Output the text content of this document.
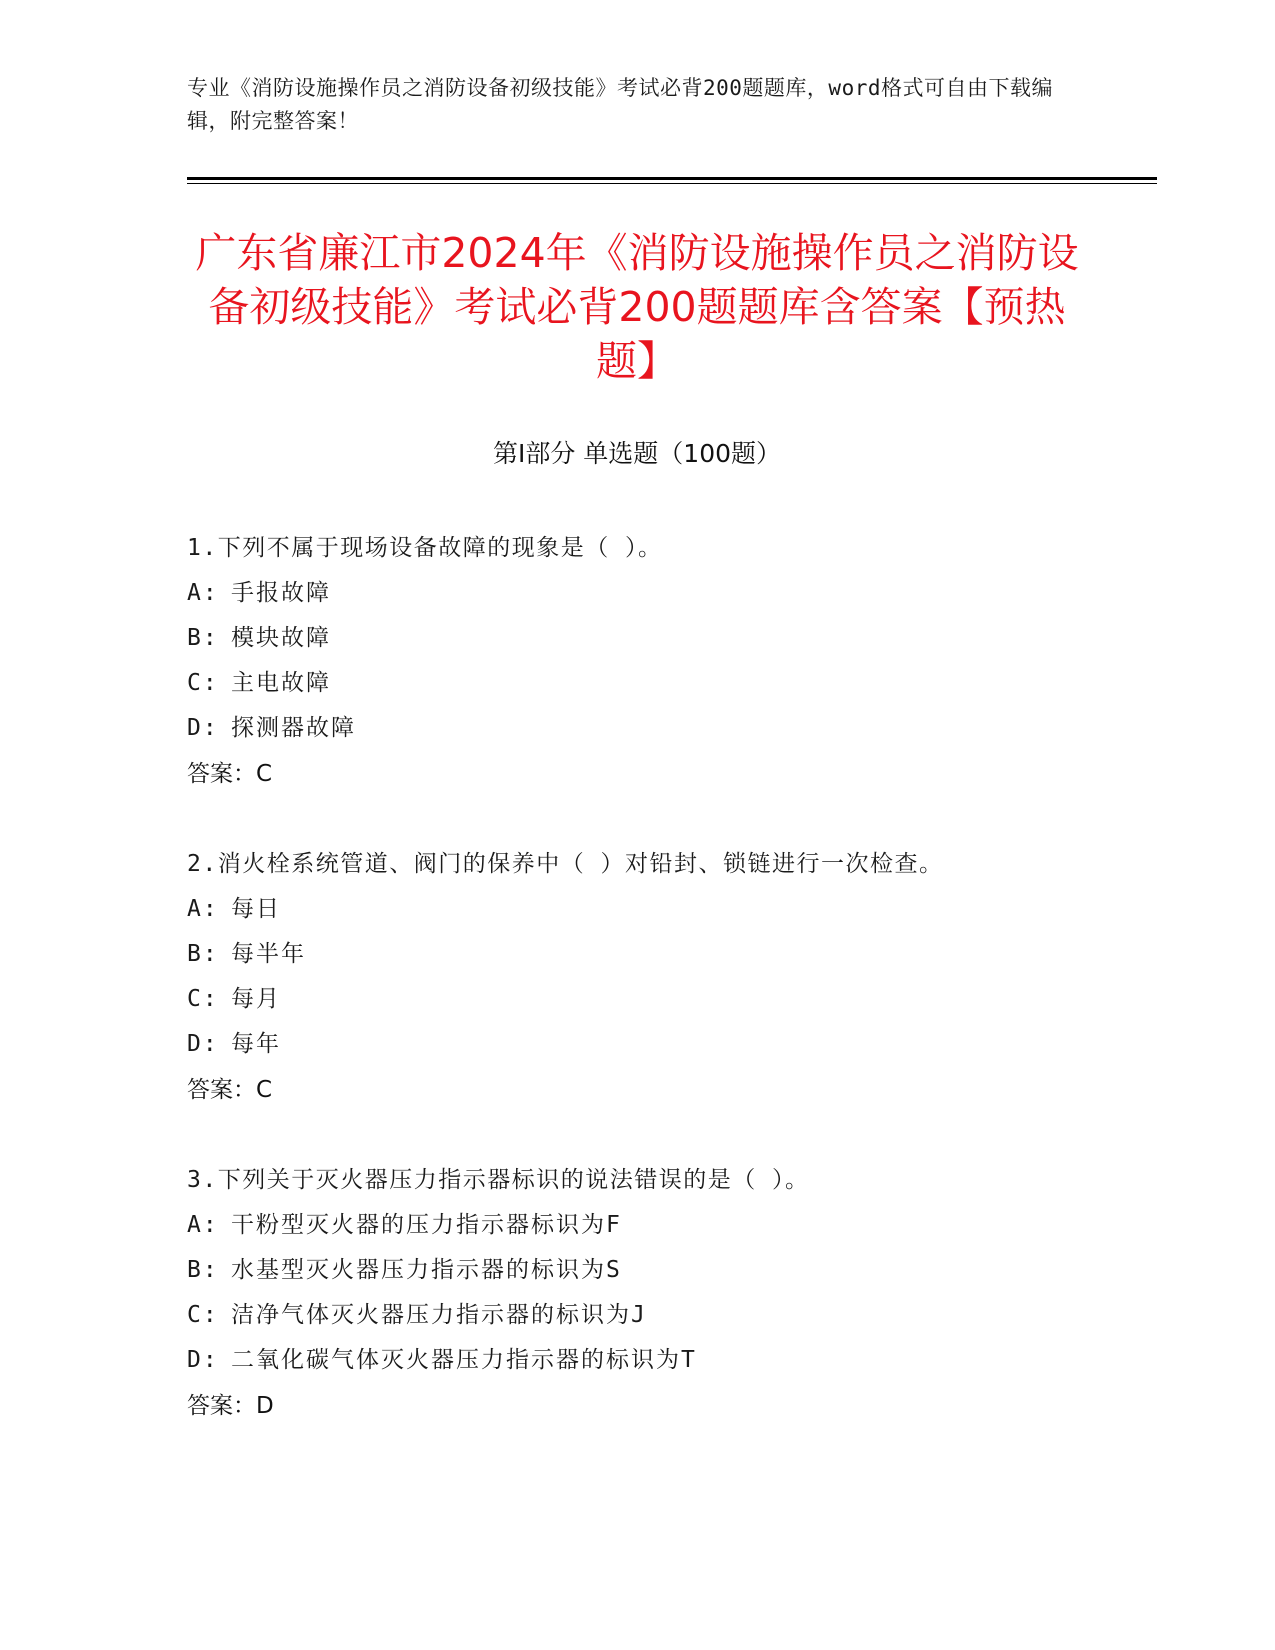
专业《消防设施操作员之消防设备初级技能》考试必背200题题库，word格式可自由下载编辑，附完整答案！
广东省廉江市2024年《消防设施操作员之消防设备初级技能》考试必背200题题库含答案【预热题】
第I部分 单选题（100题）

1.下列不属于现场设备故障的现象是（ ）。

A: 手报故障

B: 模块故障

C: 主电故障

D: 探测器故障

答案：C

2.消火栓系统管道、阀门的保养中（ ）对铅封、锁链进行一次检查。

A: 每日

B: 每半年

C: 每月

D: 每年

答案：C

3.下列关于灭火器压力指示器标识的说法错误的是（ ）。

A: 干粉型灭火器的压力指示器标识为F

B: 水基型灭火器压力指示器的标识为S

C: 洁净气体灭火器压力指示器的标识为J

D: 二氧化碳气体灭火器压力指示器的标识为T

答案：D
